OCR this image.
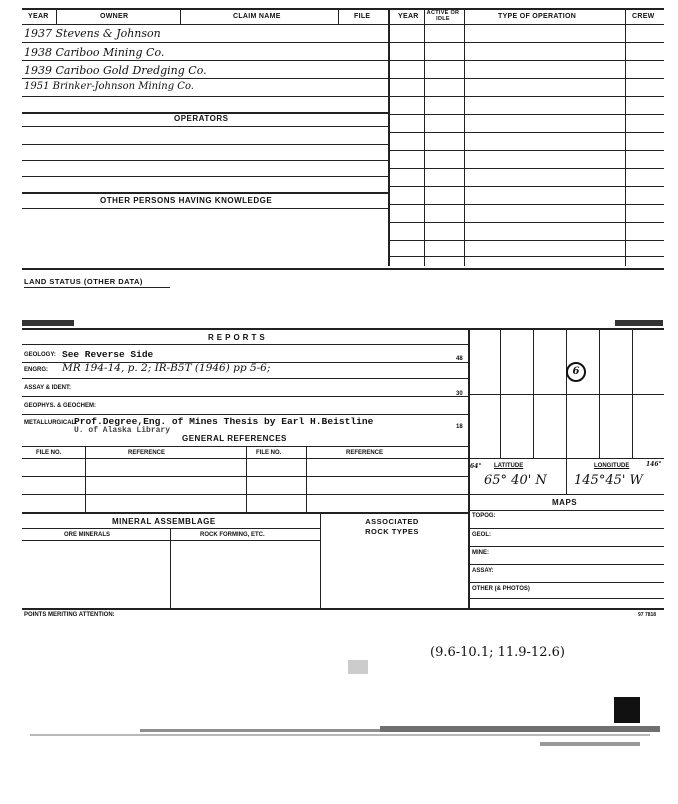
YEAR	OWNER	CLAIM NAME	FILE	YEAR	ACTIVE OR IDLE	TYPE OF OPERATION	CREW
1937 Stevens & Johnson
1938 Cariboo Mining Co.
1939 Cariboo Gold Dredging Co.
1951 Brinker-Johnson Mining Co.
OPERATORS
OTHER PERSONS HAVING KNOWLEDGE
LAND STATUS (OTHER DATA)
REPORTS
GEOLOGY: See Reverse Side	48
ENGRG: MR 194-14, p. 2; IR-B5T (1946) pp 5-6;
ASSAY & IDENT:
30
GEOPHYS. & GEOCHEM:
METALLURGICAL:
Prof.Degree,Eng. of Mines Thesis by Earl H.Beistline
U. of Alaska Library	18
GENERAL REFERENCES
FILE NO.	REFERENCE	FILE NO.	REFERENCE
6
64° LATITUDE
65° 40' N
LONGITUDE	146°
145°45' W
MAPS
TOPOG:
GEOL:
MINE:
ASSAY:
OTHER (& PHOTOS)
MINERAL ASSEMBLAGE
ORE MINERALS	ROCK FORMING, ETC.
ASSOCIATED ROCK TYPES
POINTS MERITING ATTENTION:	97 7818
(9.6-10.1; 11.9-12.6)
